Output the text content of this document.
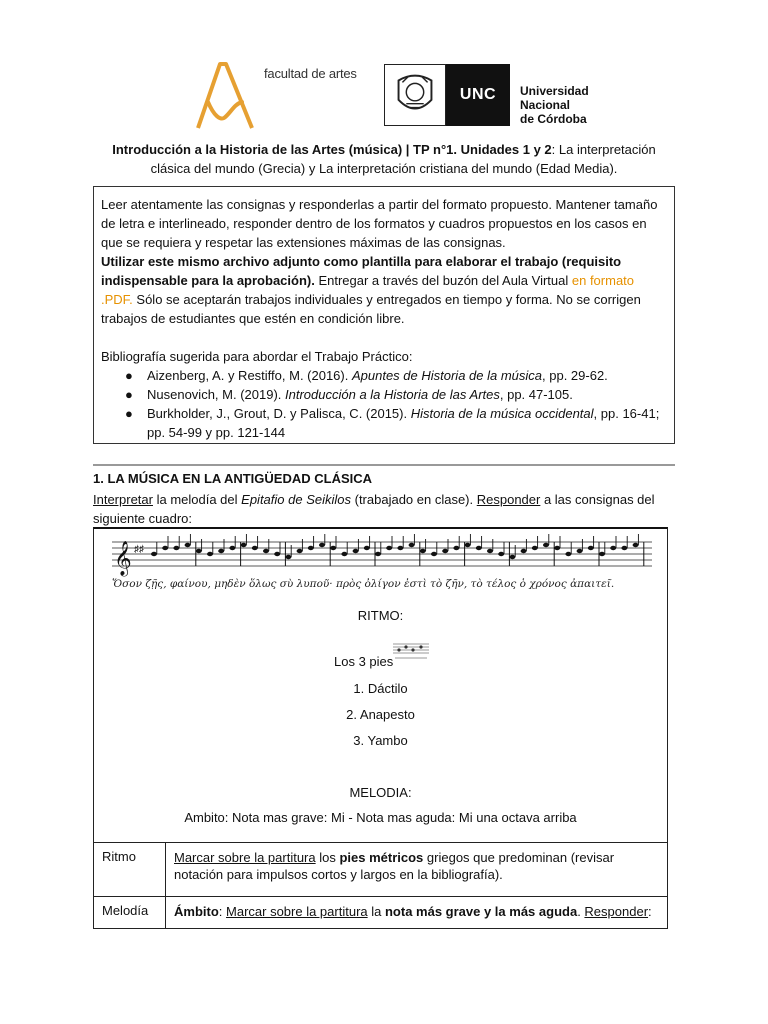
facultad de artes
UNC	Universidad
Nacional
de Córdoba
Introducción a la Historia de las Artes (música) | TP n°1. Unidades 1 y 2: La interpretación clásica del mundo (Grecia) y La interpretación cristiana del mundo (Edad Media).

Leer atentamente las consignas y responderlas a partir del formato propuesto. Mantener tamaño de letra e interlineado, responder dentro de los formatos y cuadros propuestos en los casos en que se requiera y respetar las extensiones máximas de las consignas.

Utilizar este mismo archivo adjunto como plantilla para elaborar el trabajo (requisito indispensable para la aprobación). Entregar a través del buzón del Aula Virtual en formato .PDF. Sólo se aceptarán trabajos individuales y entregados en tiempo y forma. No se corrigen trabajos de estudiantes que estén en condición libre.

Bibliografía sugerida para abordar el Trabajo Práctico:

● Aizenberg, A. y Restiffo, M. (2016). Apuntes de Historia de la música, pp. 29-62.
● Nusenovich, M. (2019). Introducción a la Historia de las Artes, pp. 47-105.
● Burkholder, J., Grout, D. y Palisca, C. (2015). Historia de la música occidental, pp. 16-41; pp. 54-99 y pp. 121-144
1. LA MÚSICA EN LA ANTIGÜEDAD CLÁSICA
Interpretar la melodía del Epitafio de Seikilos (trabajado en clase). Responder a las consignas del siguiente cuadro:
𝄞 ♯♯
Ὅσον ζῇς, φαίνου, μηδὲν ὅλως σὺ λυποῦ· πρὸς ὀλίγον ἐστὶ τὸ ζῆν, τὸ τέλος ὁ χρόνος ἀπαιτεῖ.
RITMO:
Los 3 pies
1. Dáctilo
2. Anapesto
3. Yambo
MELODIA:
Ambito: Nota mas grave: Mi - Nota mas aguda: Mi una octava arriba
Ritmo	Marcar sobre la partitura los pies métricos griegos que predominan (revisar notación para impulsos cortos y largos en la bibliografía).
Melodía	Ámbito: Marcar sobre la partitura la nota más grave y la más aguda. Responder:
